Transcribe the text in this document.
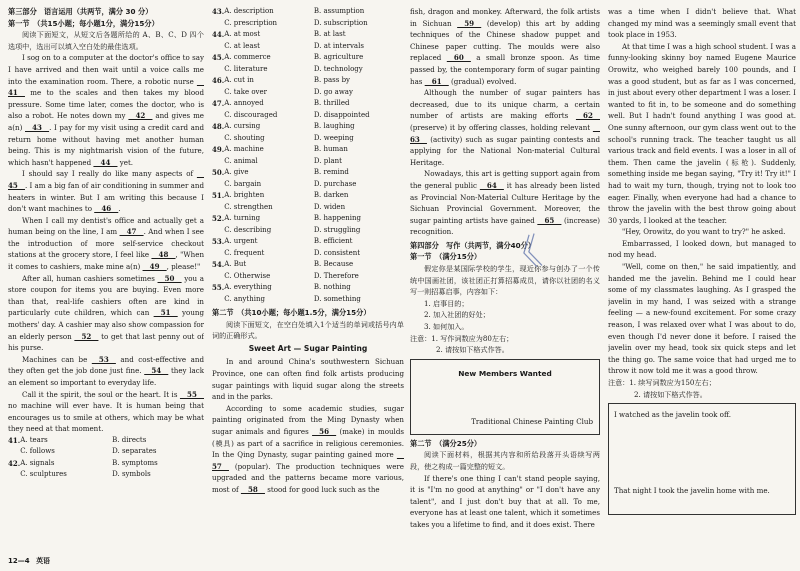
第三部分　语言运用（共两节，满分 30 分）
第一节　（共15小题；每小题1分，满分15分）
阅读下面短文，从短文后各题所给的 A、B、C、D 四个选项中，选出可以填入空白处的最佳选项。
I sog on to a computer at the doctor's office to say I have arrived and then wait until a voice calls me into the examination room. There, a robotic nurse  41  me to the scales and then takes my blood pressure. Some time later, comes the doctor, who is also a robot. He notes down my  42  and gives me a(n)  43 . I pay for my visit using a credit card and return home without having met another human being. This is my nightmarish vision of the future, which hasn't happened  44  yet.
I should say I really do like many aspects of  45 . I am a big fan of air conditioning in summer and heaters in winter. But I am writing this because I don't want machines to  46 .
When I call my dentist's office and actually get a human being on the line, I am  47 . And when I see the introduction of more self-service checkout stations at the grocery store, I feel like  48 , "When it comes to cashiers, make mine a(n)  49 , please!"
After all, human cashiers sometimes  50  you a store coupon for items you are buying. Even more than that, real-life cashiers often are kind in particularly cute children, which can  51  young mothers' day. A cashier may also show compassion for an elderly person  52  to get that last penny out of his purse.
Machines can be  53  and cost-effective and they often get the job done just fine.  54  they lack an element so important to everyday life.
Call it the spirit, the soul or the heart. It is  55  no machine will ever have. It is human being that encourages us to smile at others, which may be what they need at that moment.
41.	A. tears	B. directs
	C. follows	D. separates
42.	A. signals	B. symptoms
	C. sculptures	D. symbols
43.	A. description	B. assumption
	C. prescription	D. subscription
44.	A. at most	B. at last
	C. at least	D. at intervals
45.	A. commerce	B. agriculture
	C. literature	D. technology
46.	A. cut in	B. pass by
	C. take over	D. go away
47.	A. annoyed	B. thrilled
	C. discouraged	D. disappointed
48.	A. cursing	B. laughing
	C. shouting	D. weeping
49.	A. machine	B. human
	C. animal	D. plant
50.	A. give	B. remind
	C. bargain	D. purchase
51.	A. brighten	B. darken
	C. strengthen	D. widen
52.	A. turning	B. happening
	C. describing	D. struggling
53.	A. urgent	B. efficient
	C. frequent	D. consistent
54.	A. But	B. Because
	C. Otherwise	D. Therefore
55.	A. everything	B. nothing
	C. anything	D. something
第二节　（共10小题；每小题1.5分，满分15分）
阅读下面短文，在空白处填入1个适当的单词或括号内单词的正确形式。
Sweet Art — Sugar Painting
In and around China's southwestern Sichuan Province, one can often find folk artists producing sugar paintings with liquid sugar along the streets and in the parks.
According to some academic studies, sugar painting originated from the Ming Dynasty when sugar animals and figures  56  (make) in moulds (模具) as part of a sacrifice in religious ceremonies. In the Qing Dynasty, sugar painting gained more  57  (popular). The production techniques were upgraded and the patterns became more various, most of  58  stood for good luck such as the
fish, dragon and monkey. Afterward, the folk artists in Sichuan  59  (develop) this art by adding techniques of the Chinese shadow puppet and Chinese paper cutting. The moulds were also replaced  60  a small bronze spoon. As time passed by, the contemporary form of sugar painting has  61  (gradual) evolved.
Although the number of sugar painters has decreased, due to its unique charm, a certain number of artists are making efforts  62  (preserve) it by offering classes, holding relevant  63  (activity) such as sugar painting contests and applying for the National Non-material Cultural Heritage.
Nowadays, this art is getting support again from the general public  64  it has already been listed as Provincial Non-Material Culture Heritage by the Sichuan Provincial Government. Moreover, the sugar painting artists have gained  65  (increase) recognition.
第四部分　写作（共两节，满分40分）
第一节　（满分15分）
假定你是某国际学校的学生，现近你参与创办了一个传统中国画社团，该社团正打算招募成员，请你以社团的名义写一则招募启事，内容如下：
1. 启事目的；
2. 加入社团的好处；
3. 如何加入。
注意：1. 写作词数应为80左右；
2. 请按如下格式作答。
New Members Wanted
Traditional Chinese Painting Club
第二节　（满分25分）
阅读下面材料，根据其内容和所给段落开头语续写两段，使之构成一篇完整的短文。
If there's one thing I can't stand people saying, it is "I'm no good at anything" or "I don't have any talent", and I just don't buy that at all. To me, everyone has at least one talent, which it sometimes takes you a lifetime to find, and it does exist. There
was a time when I didn't believe that. What changed my mind was a seemingly small event that took place in 1953.
At that time I was a high school student. I was a funny-looking skinny boy named Eugene Maurice Orowitz, who weighed barely 100 pounds, and I was a good student, but as far as I was concerned, in just about every other department I was a loser. I wanted to fit in, to be someone and do something well. But I hadn't found anything I was good at. One sunny afternoon, our gym class went out to the school's running track. The teacher taught us all various track and field events. I was a loser in all of them. Then came the javelin (标枪). Suddenly, something inside me began saying, "Try it! Try it!" I had to wait my turn, though, trying not to look too eager. Finally, when everyone had had a chance to throw the javelin with the best throw going about 30 yards, I looked at the teacher.
"Hey, Orowitz, do you want to try?" he asked.
Embarrassed, I looked down, but managed to nod my head.
"Well, come on then," he said impatiently, and handed me the javelin. Behind me I could hear some of my classmates laughing. As I grasped the javelin in my hand, I was seized with a strange feeling — a new-found excitement. For some crazy reason, I was relaxed over what I was about to do, even though I'd never done it before. I raised the javelin over my head, took six quick steps and let the thing go. The same voice that had urged me to throw it now told me it was a good throw.
注意：1. 续写词数应为150左右；
2. 请按如下格式作答。
I watched as the javelin took off.
That night I took the javelin home with me.
《
12—4 英语
